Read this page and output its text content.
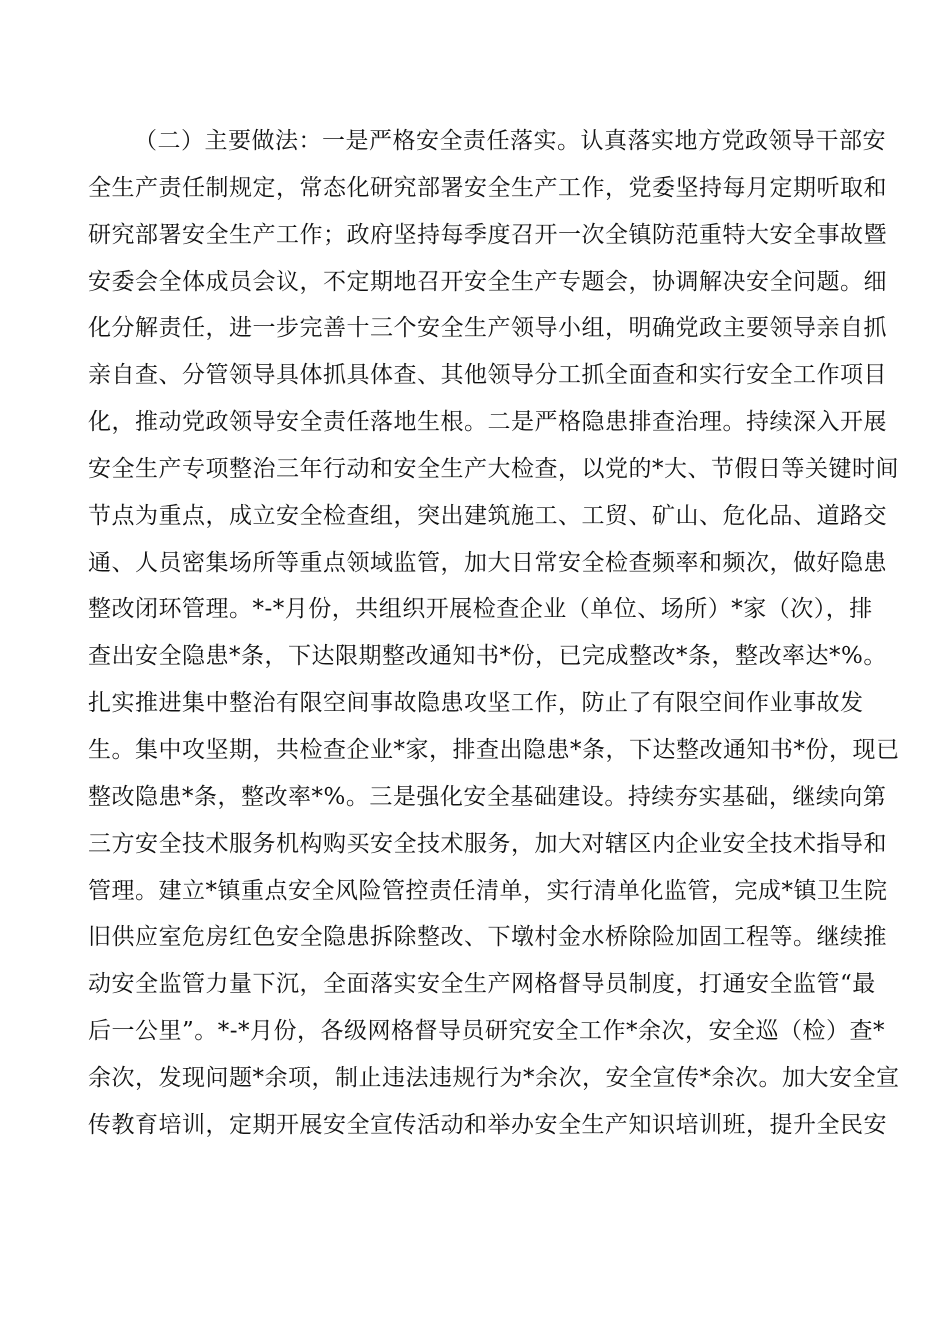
（二）主要做法：一是严格安全责任落实。认真落实地方党政领导干部安
全生产责任制规定，常态化研究部署安全生产工作，党委坚持每月定期听取和
研究部署安全生产工作；政府坚持每季度召开一次全镇防范重特大安全事故暨
安委会全体成员会议，不定期地召开安全生产专题会，协调解决安全问题。细
化分解责任，进一步完善十三个安全生产领导小组，明确党政主要领导亲自抓
亲自查、分管领导具体抓具体查、其他领导分工抓全面查和实行安全工作项目
化，推动党政领导安全责任落地生根。二是严格隐患排查治理。持续深入开展
安全生产专项整治三年行动和安全生产大检查，以党的*大、节假日等关键时间
节点为重点，成立安全检查组，突出建筑施工、工贸、矿山、危化品、道路交
通、人员密集场所等重点领域监管，加大日常安全检查频率和频次，做好隐患
整改闭环管理。*-*月份，共组织开展检查企业（单位、场所）*家（次），排
查出安全隐患*条，下达限期整改通知书*份，已完成整改*条，整改率达*%。
扎实推进集中整治有限空间事故隐患攻坚工作，防止了有限空间作业事故发
生。集中攻坚期，共检查企业*家，排查出隐患*条，下达整改通知书*份，现已
整改隐患*条，整改率*%。三是强化安全基础建设。持续夯实基础，继续向第
三方安全技术服务机构购买安全技术服务，加大对辖区内企业安全技术指导和
管理。建立*镇重点安全风险管控责任清单，实行清单化监管，完成*镇卫生院
旧供应室危房红色安全隐患拆除整改、下墩村金水桥除险加固工程等。继续推
动安全监管力量下沉，全面落实安全生产网格督导员制度，打通安全监管“最
后一公里”。*-*月份，各级网格督导员研究安全工作*余次，安全巡（检）查*
余次，发现问题*余项，制止违法违规行为*余次，安全宣传*余次。加大安全宣
传教育培训，定期开展安全宣传活动和举办安全生产知识培训班，提升全民安
